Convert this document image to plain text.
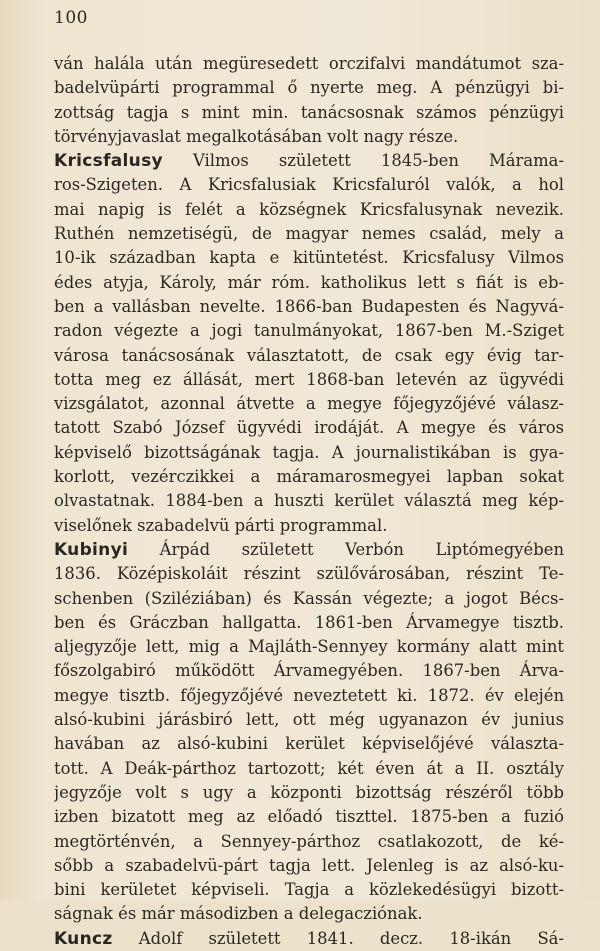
100
ván halála után megüresedett orczifalvi mandátumot sza-
badelvüpárti programmal ő nyerte meg. A pénzügyi bi-
zottság tagja s mint min. tanácsosnak számos pénzügyi
törvényjavaslat megalkotásában volt nagy része.
Kricsfalusy Vilmos született 1845-ben Márama-
ros-Szigeten. A Kricsfalusiak Kricsfaluról valók, a hol
mai napig is felét a községnek Kricsfalusynak nevezik.
Ruthén nemzetiségü, de magyar nemes család, mely a
10-ik században kapta e kitüntetést. Kricsfalusy Vilmos
édes atyja, Károly, már róm. katholikus lett s fiát is eb-
ben a vallásban nevelte. 1866-ban Budapesten és Nagyvá-
radon végezte a jogi tanulmányokat, 1867-ben M.-Sziget
városa tanácsosának választatott, de csak egy évig tar-
totta meg ez állását, mert 1868-ban letevén az ügyvédi
vizsgálatot, azonnal átvette a megye főjegyzőjévé válasz-
tatott Szabó József ügyvédi irodáját. A megye és város
képviselő bizottságának tagja. A journalistikában is gya-
korlott, vezérczikkei a máramarosmegyei lapban sokat
olvastatnak. 1884-ben a huszti kerület választá meg kép-
viselőnek szabadelvü párti programmal.
Kubinyi Árpád született Verbón Liptómegyében
1836. Középiskoláit részint szülővárosában, részint Te-
schenben (Sziléziában) és Kassán végezte; a jogot Bécs-
ben és Gráczban hallgatta. 1861-ben Árvamegye tisztb.
aljegyzője lett, mig a Majláth-Sennyey kormány alatt mint
főszolgabiró működött Árvamegyében. 1867-ben Árva-
megye tisztb. főjegyzőjévé neveztetett ki. 1872. év elején
alsó-kubini járásbiró lett, ott még ugyanazon év junius
havában az alsó-kubini kerület képviselőjévé választa-
tott. A Deák-párthoz tartozott; két éven át a II. osztály
jegyzője volt s ugy a központi bizottság részéről több
izben bizatott meg az előadó tiszttel. 1875-ben a fuzió
megtörténvén, a Sennyey-párthoz csatlakozott, de ké-
sőbb a szabadelvü-párt tagja lett. Jelenleg is az alsó-ku-
bini kerületet képviseli. Tagja a közlekedésügyi bizott-
ságnak és már másodizben a delegacziónak.
Kuncz Adolf született 1841. decz. 18-ikán Sá-
